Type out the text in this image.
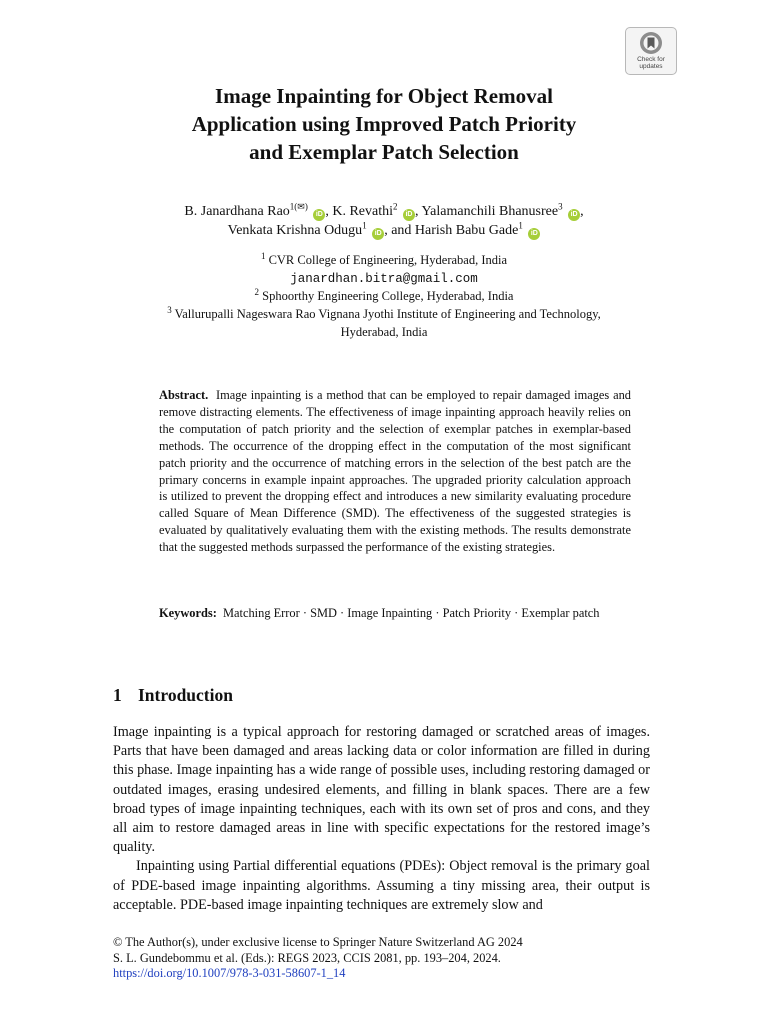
Check for
updates
Image Inpainting for Object Removal
Application using Improved Patch Priority
and Exemplar Patch Selection
B. Janardhana Rao$^{1(✉)}$ iD , K. Revathi$^2$ iD , Yalamanchili Bhanusree$^3$ iD ,
Venkata Krishna Odugu$^1$ iD , and Harish Babu Gade$^1$ iD
$^1$ CVR College of Engineering, Hyderabad, India
janardhan.bitra@gmail.com
$^2$ Sphoorthy Engineering College, Hyderabad, India
$^3$ Vallurupalli Nageswara Rao Vignana Jyothi Institute of Engineering and Technology,
Hyderabad, India
Abstract. Image inpainting is a method that can be employed to repair damaged images and remove distracting elements. The effectiveness of image inpainting approach heavily relies on the computation of patch priority and the selection of exemplar patches in exemplar-based methods. The occurrence of the dropping effect in the computation of the most significant patch priority and the occurrence of matching errors in the selection of the best patch are the primary concerns in example inpaint approaches. The upgraded priority calculation approach is utilized to prevent the dropping effect and introduces a new similarity evaluating procedure called Square of Mean Difference (SMD). The effectiveness of the suggested strategies is evaluated by qualitatively evaluating them with the existing methods. The results demonstrate that the suggested methods surpassed the performance of the existing strategies.
Keywords: Matching Error · SMD · Image Inpainting · Patch Priority · Exemplar patch
1 Introduction

Image inpainting is a typical approach for restoring damaged or scratched areas of images. Parts that have been damaged and areas lacking data or color information are filled in during this phase. Image inpainting has a wide range of possible uses, including restoring damaged or outdated images, erasing undesired elements, and filling in blank spaces. There are a few broad types of image inpainting techniques, each with its own set of pros and cons, and they all aim to restore damaged areas in line with specific expectations for the restored image’s quality.

Inpainting using Partial differential equations (PDEs): Object removal is the primary goal of PDE-based image inpainting algorithms. Assuming a tiny missing area, their output is acceptable. PDE-based image inpainting techniques are extremely slow and

© The Author(s), under exclusive license to Springer Nature Switzerland AG 2024
S. L. Gundebommu et al. (Eds.): REGS 2023, CCIS 2081, pp. 193–204, 2024.
https://doi.org/10.1007/978-3-031-58607-1_14
